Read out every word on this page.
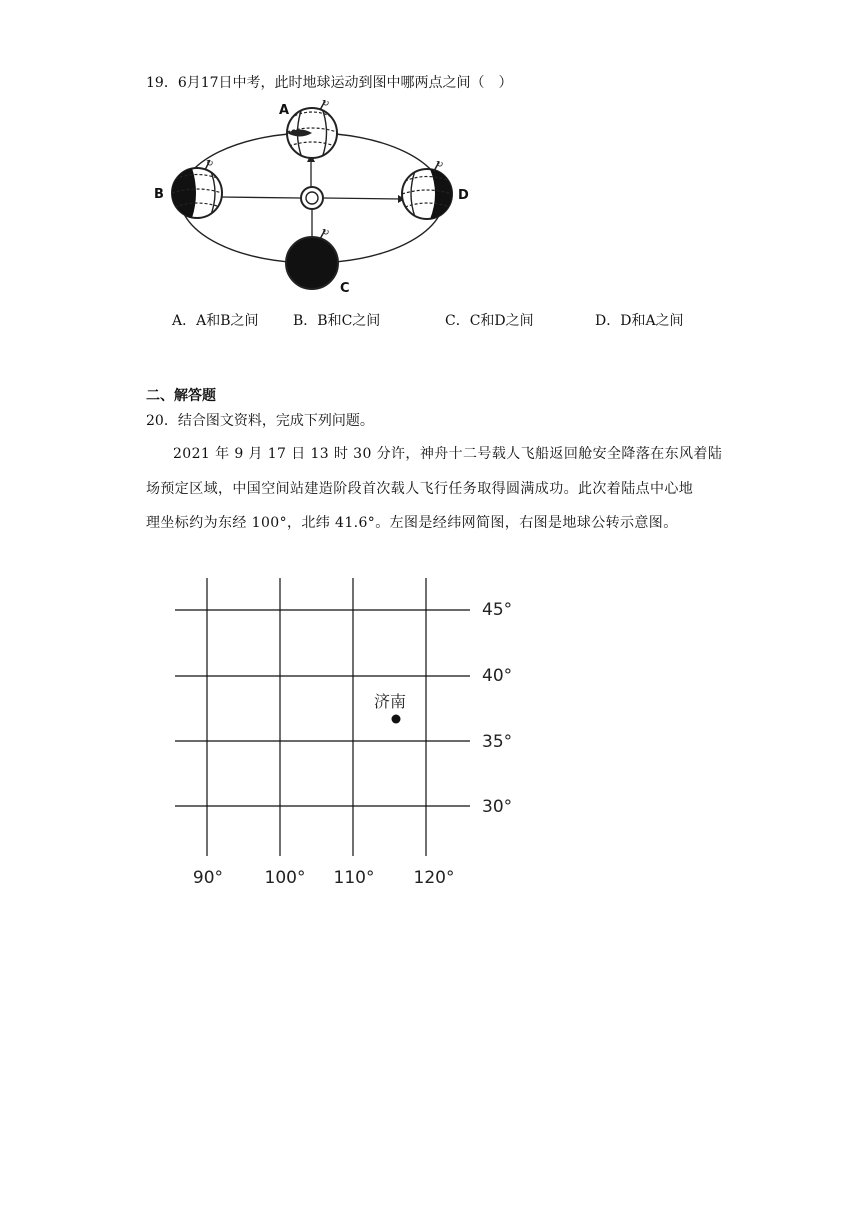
19．6月17日中考，此时地球运动到图中哪两点之间（　）
↻
A
↻
B
↻
C
↻
D
A．A和B之间 B．B和C之间	C．C和D之间	D．D和A之间
二、解答题
20．结合图文资料，完成下列问题。
2021 年 9 月 17 日 13 时 30 分许，神舟十二号载人飞船返回舱安全降落在东风着陆
场预定区域，中国空间站建造阶段首次载人飞行任务取得圆满成功。此次着陆点中心地
理坐标约为东经 100°，北纬 41.6°。左图是经纬网简图，右图是地球公转示意图。
45°
40°
35°
30°
90° 100° 110° 120°
济南
